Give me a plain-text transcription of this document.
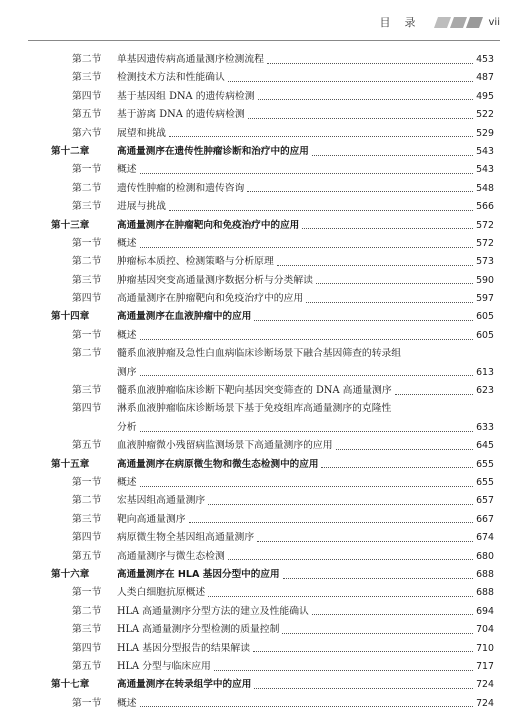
目录	vii
第二节 单基因遗传病高通量测序检测流程	453
第三节 检测技术方法和性能确认	487
第四节 基于基因组 DNA 的遗传病检测	495
第五节 基于游离 DNA 的遗传病检测	522
第六节 展望和挑战	529
第十二章	高通量测序在遗传性肿瘤诊断和治疗中的应用	543
第一节 概述	543
第二节 遗传性肿瘤的检测和遗传咨询	548
第三节 进展与挑战	566
第十三章	高通量测序在肿瘤靶向和免疫治疗中的应用	572
第一节 概述	572
第二节 肿瘤标本质控、检测策略与分析原理	573
第三节 肿瘤基因突变高通量测序数据分析与分类解读	590
第四节 高通量测序在肿瘤靶向和免疫治疗中的应用	597
第十四章	高通量测序在血液肿瘤中的应用	605
第一节 概述	605
第二节 髓系血液肿瘤及急性白血病临床诊断场景下融合基因筛查的转录组
测序	613
第三节 髓系血液肿瘤临床诊断下靶向基因突变筛查的 DNA 高通量测序	623
第四节 淋系血液肿瘤临床诊断场景下基于免疫组库高通量测序的克隆性
分析	633
第五节 血液肿瘤微小残留病监测场景下高通量测序的应用	645
第十五章	高通量测序在病原微生物和微生态检测中的应用	655
第一节 概述	655
第二节 宏基因组高通量测序	657
第三节 靶向高通量测序	667
第四节 病原微生物全基因组高通量测序	674
第五节 高通量测序与微生态检测	680
第十六章	高通量测序在 HLA 基因分型中的应用	688
第一节 人类白细胞抗原概述	688
第二节 HLA 高通量测序分型方法的建立及性能确认	694
第三节 HLA 高通量测序分型检测的质量控制	704
第四节 HLA 基因分型报告的结果解读	710
第五节 HLA 分型与临床应用	717
第十七章	高通量测序在转录组学中的应用	724
第一节 概述	724
